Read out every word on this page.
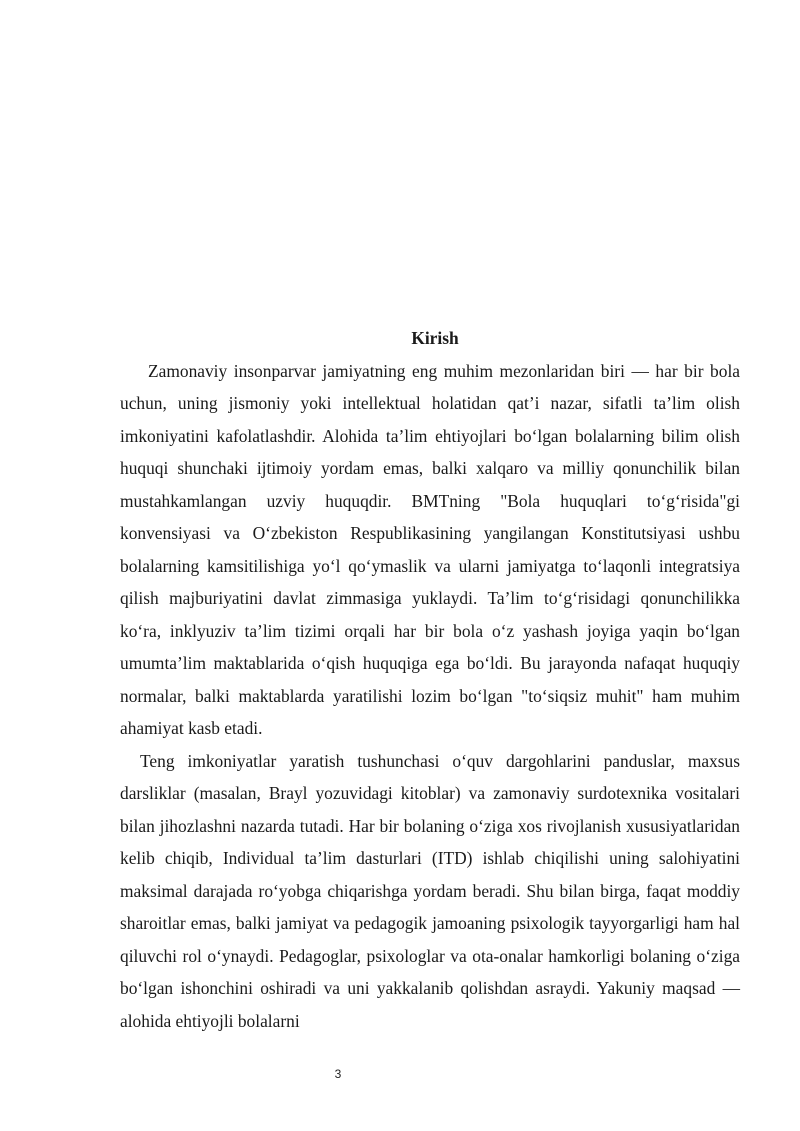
Kirish

Zamonaviy insonparvar jamiyatning eng muhim mezonlaridan biri — har bir bola uchun, uning jismoniy yoki intellektual holatidan qat’i nazar, sifatli ta’lim olish imkoniyatini kafolatlashdir. Alohida ta’lim ehtiyojlari bo‘lgan bolalarning bilim olish huquqi shunchaki ijtimoiy yordam emas, balki xalqaro va milliy qonunchilik bilan mustahkamlangan uzviy huquqdir. BMTning "Bola huquqlari to‘g‘risida"gi konvensiyasi va O‘zbekiston Respublikasining yangilangan Konstitutsiyasi ushbu bolalarning kamsitilishiga yo‘l qo‘ymaslik va ularni jamiyatga to‘laqonli integratsiya qilish majburiyatini davlat zimmasiga yuklaydi. Ta’lim to‘g‘risidagi qonunchilikka ko‘ra, inklyuziv ta’lim tizimi orqali har bir bola o‘z yashash joyiga yaqin bo‘lgan umumta’lim maktablarida o‘qish huquqiga ega bo‘ldi. Bu jarayonda nafaqat huquqiy normalar, balki maktablarda yaratilishi lozim bo‘lgan "to‘siqsiz muhit" ham muhim ahamiyat kasb etadi.

Teng imkoniyatlar yaratish tushunchasi o‘quv dargohlarini panduslar, maxsus darsliklar (masalan, Brayl yozuvidagi kitoblar) va zamonaviy surdotexnika vositalari bilan jihozlashni nazarda tutadi. Har bir bolaning o‘ziga xos rivojlanish xususiyatlaridan kelib chiqib, Individual ta’lim dasturlari (ITD) ishlab chiqilishi uning salohiyatini maksimal darajada ro‘yobga chiqarishga yordam beradi. Shu bilan birga, faqat moddiy sharoitlar emas, balki jamiyat va pedagogik jamoaning psixologik tayyorgarligi ham hal qiluvchi rol o‘ynaydi. Pedagoglar, psixologlar va ota-onalar hamkorligi bolaning o‘ziga bo‘lgan ishonchini oshiradi va uni yakkalanib qolishdan asraydi. Yakuniy maqsad — alohida ehtiyojli bolalarni

3
